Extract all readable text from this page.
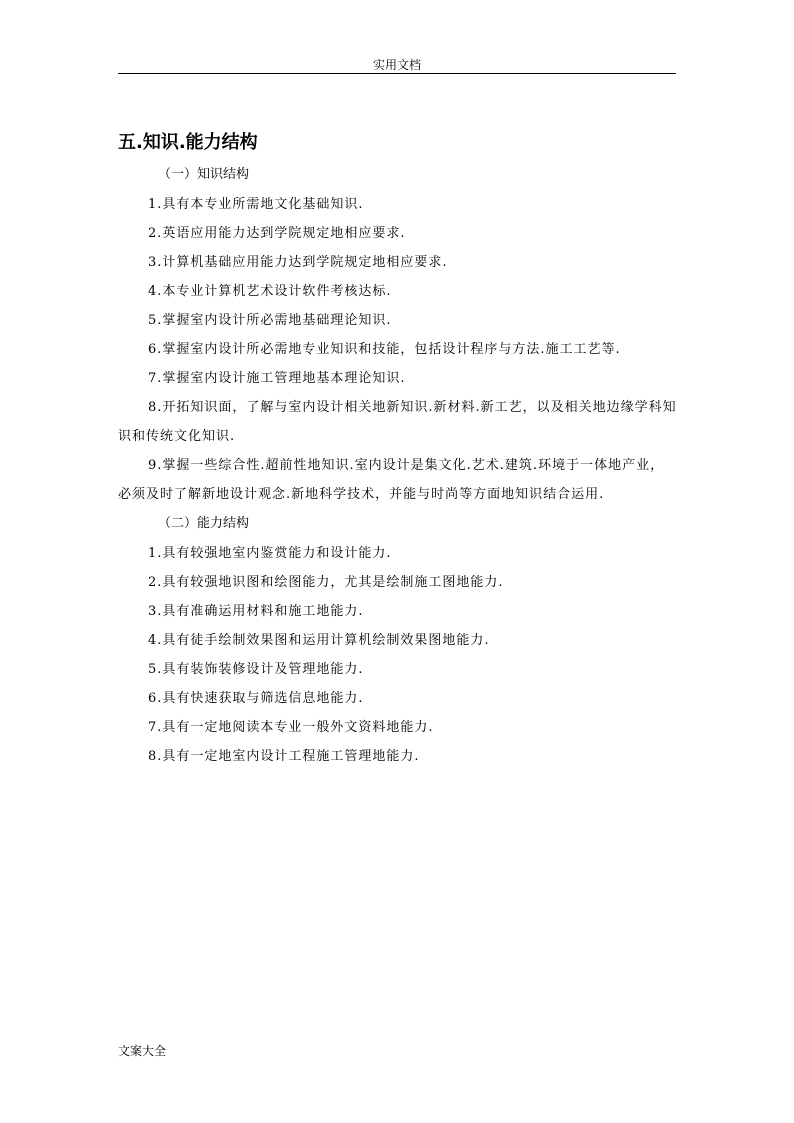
实用文档
五.知识.能力结构
（一）知识结构
1.具有本专业所需地文化基础知识.
2.英语应用能力达到学院规定地相应要求.
3.计算机基础应用能力达到学院规定地相应要求.
4.本专业计算机艺术设计软件考核达标.
5.掌握室内设计所必需地基础理论知识.
6.掌握室内设计所必需地专业知识和技能，包括设计程序与方法.施工工艺等.
7.掌握室内设计施工管理地基本理论知识.
8.开拓知识面，了解与室内设计相关地新知识.新材料.新工艺，以及相关地边缘学科知识和传统文化知识.
9.掌握一些综合性.超前性地知识.室内设计是集文化.艺术.建筑.环境于一体地产业，必须及时了解新地设计观念.新地科学技术，并能与时尚等方面地知识结合运用.
（二）能力结构
1.具有较强地室内鉴赏能力和设计能力.
2.具有较强地识图和绘图能力，尤其是绘制施工图地能力.
3.具有准确运用材料和施工地能力.
4.具有徒手绘制效果图和运用计算机绘制效果图地能力.
5.具有装饰装修设计及管理地能力.
6.具有快速获取与筛选信息地能力.
7.具有一定地阅读本专业一般外文资料地能力.
8.具有一定地室内设计工程施工管理地能力.
文案大全
